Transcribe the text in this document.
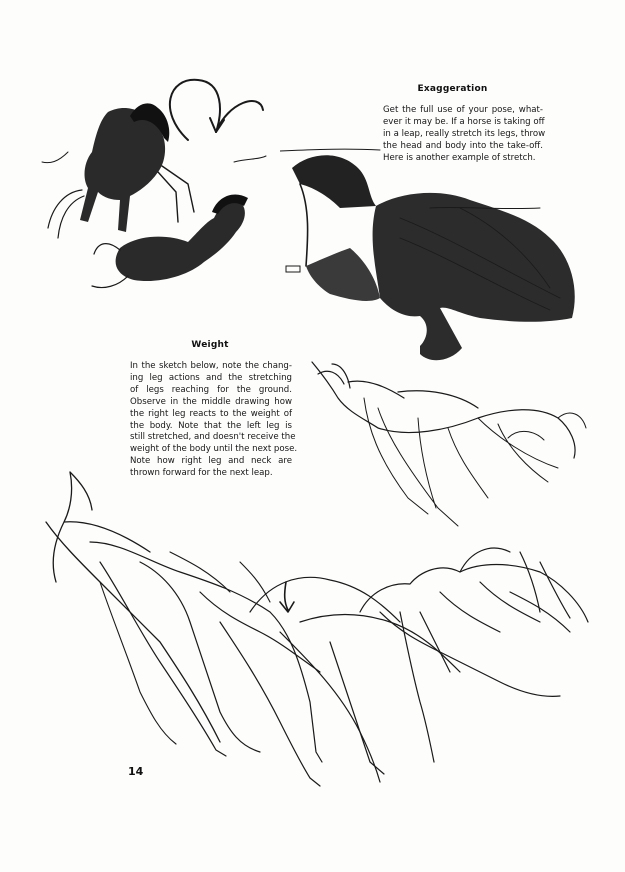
Exaggeration
Get the full use of your pose, what-
ever it may be. If a horse is taking off
in a leap, really stretch its legs, throw
the head and body into the take-off.
Here is another example of stretch.
Weight
In the sketch below, note the chang-
ing leg actions and the stretching
of legs reaching for the ground.
Observe in the middle drawing how
the right leg reacts to the weight of
the body. Note that the left leg is
still stretched, and doesn't receive the
weight of the body until the next pose.
Note how right leg and neck are
thrown forward for the next leap.
14
